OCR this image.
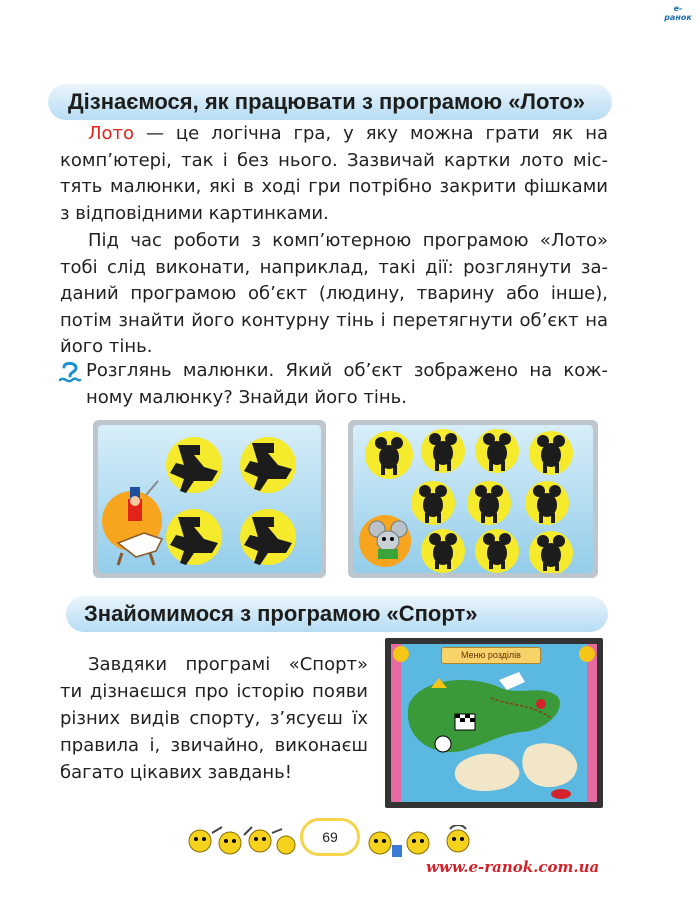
e-ранок
Дізнаємося, як працювати з програмою «Лото»

Лото — це логічна гра, у яку можна грати як на комп’ютері, так і без нього. Зазвичай картки лото міс-тять малюнки, які в ході гри потрібно закрити фішками з відповідними картинками.

Під час роботи з комп’ютерною програмою «Лото» тобі слід виконати, наприклад, такі дії: розглянути за-даний програмою об’єкт (людину, тварину або інше), потім знайти його контурну тінь і перетягнути об’єкт на його тінь.

Розглянь малюнки. Який об’єкт зображено на кож-ному малюнку? Знайди його тінь.

Знайомимося з програмою «Спорт»

Завдяки програмі «Спорт» ти дізнаєшся про історію появи різних видів спорту, з’ясуєш їх правила і, звичайно, виконаєш багато цікавих завдань!

Меню розділів
69
www.e-ranok.com.ua
